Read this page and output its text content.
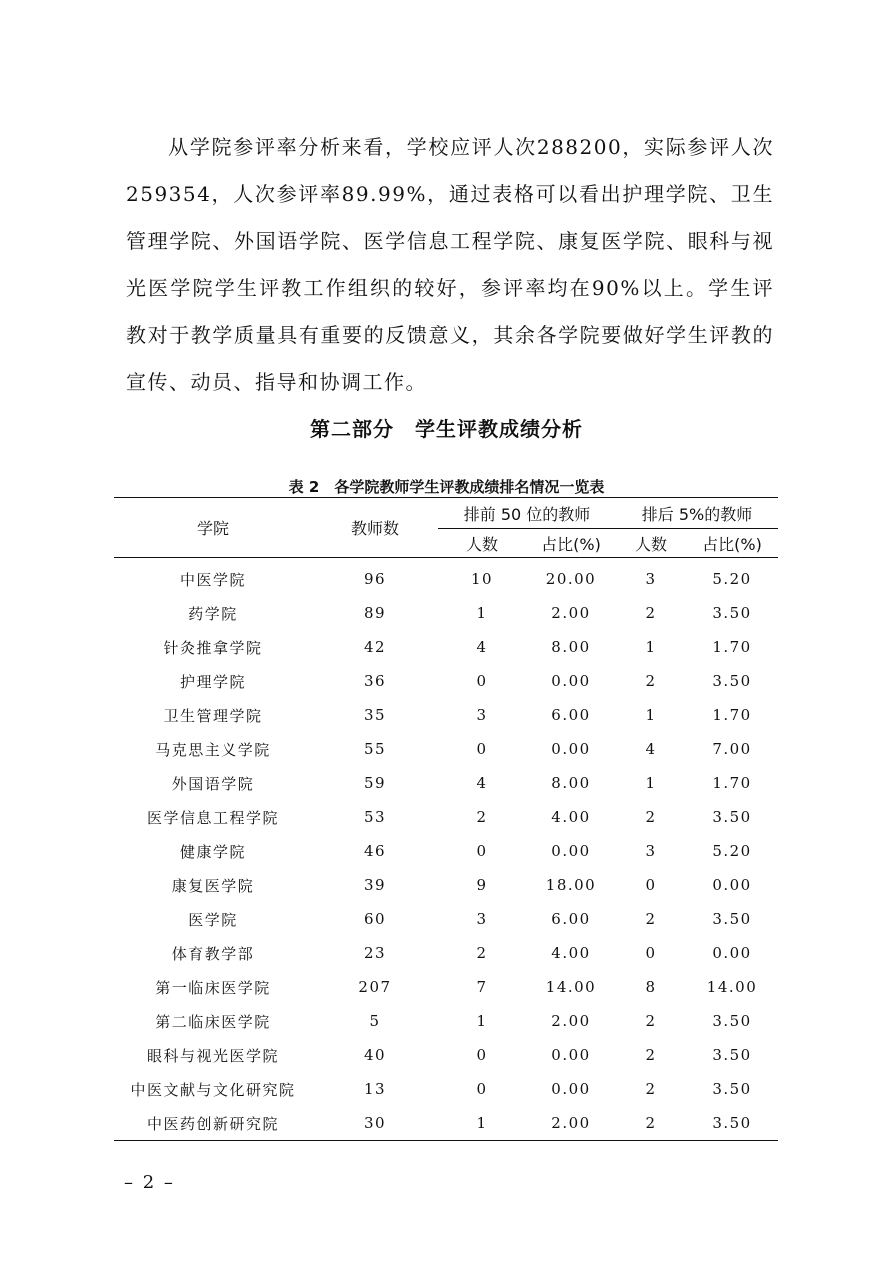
从学院参评率分析来看，学校应评人次288200，实际参评人次259354，人次参评率89.99%，通过表格可以看出护理学院、卫生管理学院、外国语学院、医学信息工程学院、康复医学院、眼科与视光医学院学生评教工作组织的较好，参评率均在90%以上。学生评教对于教学质量具有重要的反馈意义，其余各学院要做好学生评教的宣传、动员、指导和协调工作。

第二部分　学生评教成绩分析

表 2　各学院教师学生评教成绩排名情况一览表

学院	教师数	排前 50 位的教师		排后 5%的教师	
		人数	占比(%)	人数	占比(%)
中医学院	96	10	20.00	3	5.20
药学院	89	1	2.00	2	3.50
针灸推拿学院	42	4	8.00	1	1.70
护理学院	36	0	0.00	2	3.50
卫生管理学院	35	3	6.00	1	1.70
马克思主义学院	55	0	0.00	4	7.00
外国语学院	59	4	8.00	1	1.70
医学信息工程学院	53	2	4.00	2	3.50
健康学院	46	0	0.00	3	5.20
康复医学院	39	9	18.00	0	0.00
医学院	60	3	6.00	2	3.50
体育教学部	23	2	4.00	0	0.00
第一临床医学院	207	7	14.00	8	14.00
第二临床医学院	5	1	2.00	2	3.50
眼科与视光医学院	40	0	0.00	2	3.50
中医文献与文化研究院	13	0	0.00	2	3.50
中医药创新研究院	30	1	2.00	2	3.50

– 2 –
